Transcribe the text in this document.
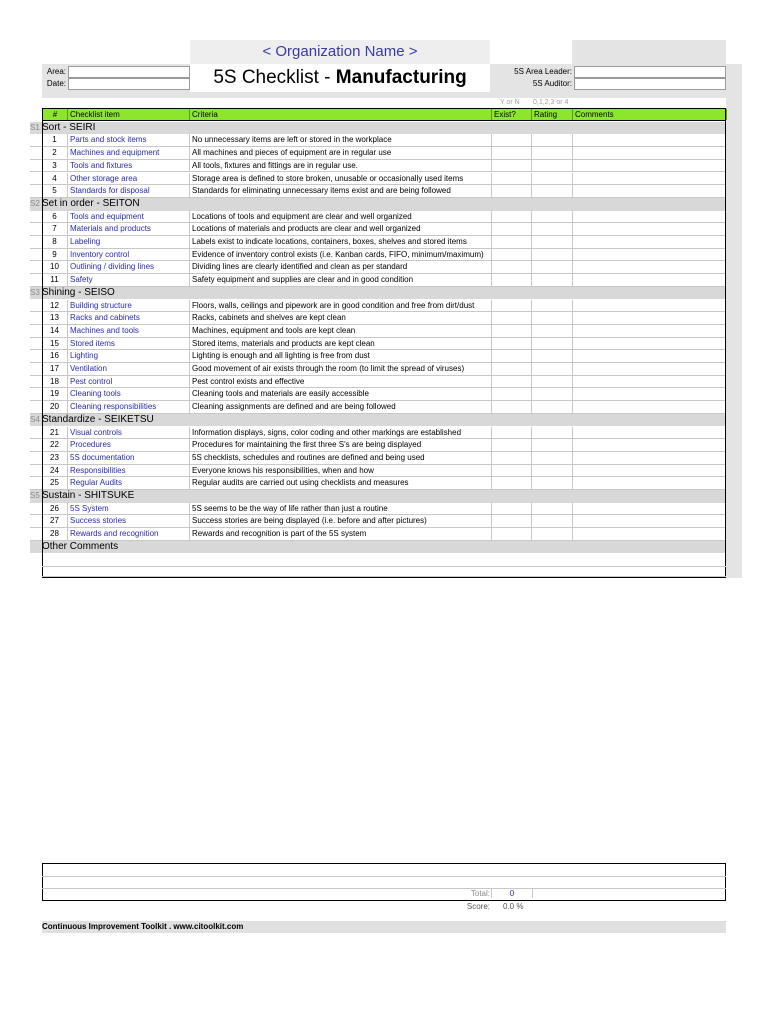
< Organization Name >
5S Checklist - Manufacturing
Area:
Date:
5S Area Leader:
5S Auditor:
Y or N 0,1,2,3 or 4
#	Checklist item	Criteria	Exist?	Rating	Comments
S1 Sort - SEIRI
1	Parts and stock items	No unnecessary items are left or stored in the workplace
2	Machines and equipment	All machines and pieces of equipment are in regular use
3	Tools and fixtures	All tools, fixtures and fittings are in regular use.
4	Other storage area	Storage area is defined to store broken, unusable or occasionally used items
5	Standards for disposal	Standards for eliminating unnecessary items exist and are being followed
S2 Set in order - SEITON
6	Tools and equipment	Locations of tools and equipment are clear and well organized
7	Materials and products	Locations of materials and products are clear and well organized
8	Labeling	Labels exist to indicate locations, containers, boxes, shelves and stored items
9	Inventory control	Evidence of inventory control exists (i.e. Kanban cards, FIFO, minimum/maximum)
10	Outlining / dividing lines	Dividing lines are clearly identified and clean as per standard
11	Safety	Safety equipment and supplies are clear and in good condition
S3 Shining - SEISO
12	Building structure	Floors, walls, ceilings and pipework are in good condition and free from dirt/dust
13	Racks and cabinets	Racks, cabinets and shelves are kept clean
14	Machines and tools	Machines, equipment and tools are kept clean
15	Stored items	Stored items, materials and products are kept clean
16	Lighting	Lighting is enough and all lighting is free from dust
17	Ventilation	Good movement of air exists through the room (to limit the spread of viruses)
18	Pest control	Pest control exists and effective
19	Cleaning tools	Cleaning tools and materials are easily accessible
20	Cleaning responsibilities	Cleaning assignments are defined and are being followed
S4 Standardize - SEIKETSU
21	Visual controls	Information displays, signs, color coding and other markings are established
22	Procedures	Procedures for maintaining the first three S's are being displayed
23	5S documentation	5S checklists, schedules and routines are defined and being used
24	Responsibilities	Everyone knows his responsibilities, when and how
25	Regular Audits	Regular audits are carried out using checklists and measures
S5 Sustain - SHITSUKE
26	5S System	5S seems to be the way of life rather than just a routine
27	Success stories	Success stories are being displayed (i.e. before and after pictures)
28	Rewards and recognition	Rewards and recognition is part of the 5S system
Other Comments
Total:	0
Score: 0.0 %
Continuous Improvement Toolkit . www.citoolkit.com
